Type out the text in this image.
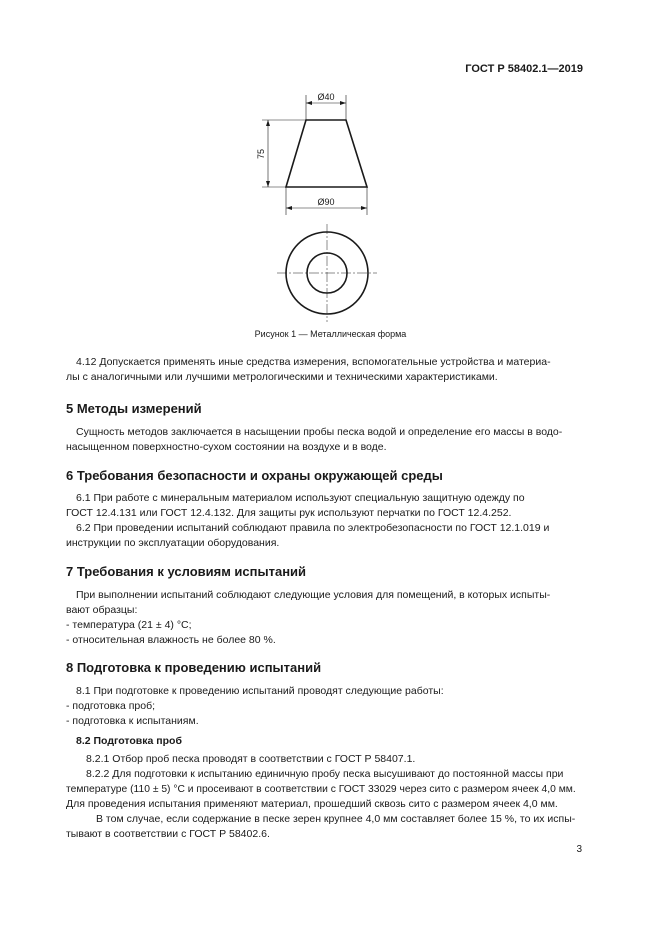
ГОСТ Р 58402.1—2019
Ø40
75
Ø90
Рисунок 1 — Металлическая форма
4.12 Допускается применять иные средства измерения, вспомогательные устройства и материа-
лы с аналогичными или лучшими метрологическими и техническими характеристиками.
5 Методы измерений
Сущность методов заключается в насыщении пробы песка водой и определение его массы в водо-
насыщенном поверхностно-сухом состоянии на воздухе и в воде.
6 Требования безопасности и охраны окружающей среды
6.1 При работе с минеральным материалом используют специальную защитную одежду по
ГОСТ 12.4.131 или ГОСТ 12.4.132. Для защиты рук используют перчатки по ГОСТ 12.4.252.
6.2 При проведении испытаний соблюдают правила по электробезопасности по ГОСТ 12.1.019 и
инструкции по эксплуатации оборудования.
7 Требования к условиям испытаний
При выполнении испытаний соблюдают следующие условия для помещений, в которых испыты-
вают образцы:
- температура (21 ± 4) °С;
- относительная влажность не более 80 %.
8 Подготовка к проведению испытаний
8.1 При подготовке к проведению испытаний проводят следующие работы:
- подготовка проб;
- подготовка к испытаниям.
8.2 Подготовка проб
8.2.1 Отбор проб песка проводят в соответствии с ГОСТ Р 58407.1.
8.2.2 Для подготовки к испытанию единичную пробу песка высушивают до постоянной массы при
температуре (110 ± 5) °С и просеивают в соответствии с ГОСТ 33029 через сито с размером ячеек 4,0 мм.
Для проведения испытания применяют материал, прошедший сквозь сито с размером ячеек 4,0 мм.
В том случае, если содержание в песке зерен крупнее 4,0 мм составляет более 15 %, то их испы-
тывают в соответствии с ГОСТ Р 58402.6.
3
